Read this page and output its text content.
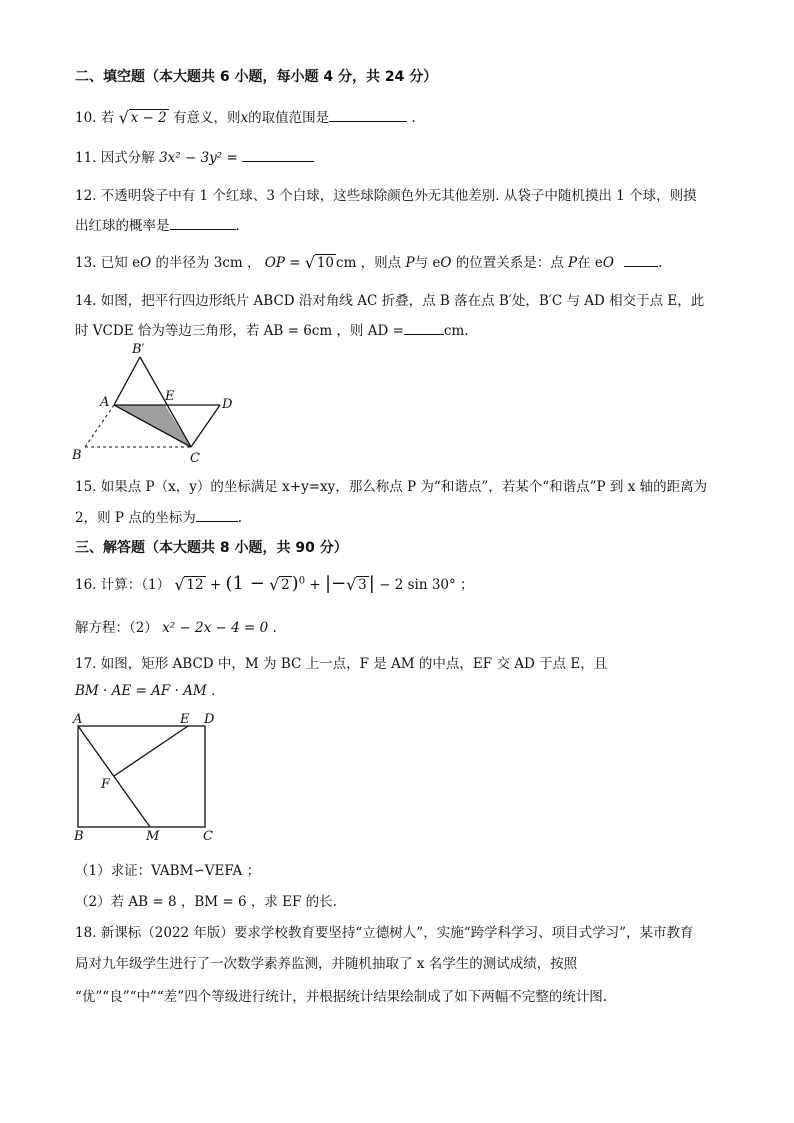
二、填空题（本大题共 6 小题，每小题 4 分，共 24 分）
10. 若 √ x − 2 有意义，则x的取值范围是	.
11. 因式分解 3x² − 3y² =
12. 不透明袋子中有 1 个红球、3 个白球，这些球除颜色外无其他差别. 从袋子中随机摸出 1 个球，则摸
出红球的概率是	.
13. 已知 eO 的半径为 3cm ， OP = √ 10 cm ，则点 P与 eO 的位置关系是：点 P在 eO	.
14. 如图，把平行四边形纸片 ABCD 沿对角线 AC 折叠，点 B 落在点 B′处，B′C 与 AD 相交于点 E，此
时 VCDE 恰为等边三角形，若 AB = 6cm ，则 AD =	cm.
B′
A	E
D
B	C
15. 如果点 P（x，y）的坐标满足 x+y=xy，那么称点 P 为“和谐点”，若某个“和谐点”P 到 x 轴的距离为
2，则 P 点的坐标为	.
三、解答题（本大题共 8 小题，共 90 分）
16. 计算：（1） √ 12 + (1 − √ 2 )$^0$ + |− √ 3 | − 2 sin 30° ；
解方程：（2） x² − 2x − 4 = 0 .
17. 如图，矩形 ABCD 中，M 为 BC 上一点，F 是 AM 的中点，EF 交 AD 于点 E，且
BM · AE = AF · AM .
A	E D
F
B	M	C
（1）求证：VABM∽VEFA ；
（2）若 AB = 8 ，BM = 6 ，求 EF 的长.
18. 新课标（2022 年版）要求学校教育要坚持“立德树人”，实施“跨学科学习、项目式学习”，某市教育
局对九年级学生进行了一次数学素养监测，并随机抽取了 x 名学生的测试成绩，按照
“优”“良”“中”“差”四个等级进行统计，并根据统计结果绘制成了如下两幅不完整的统计图.
